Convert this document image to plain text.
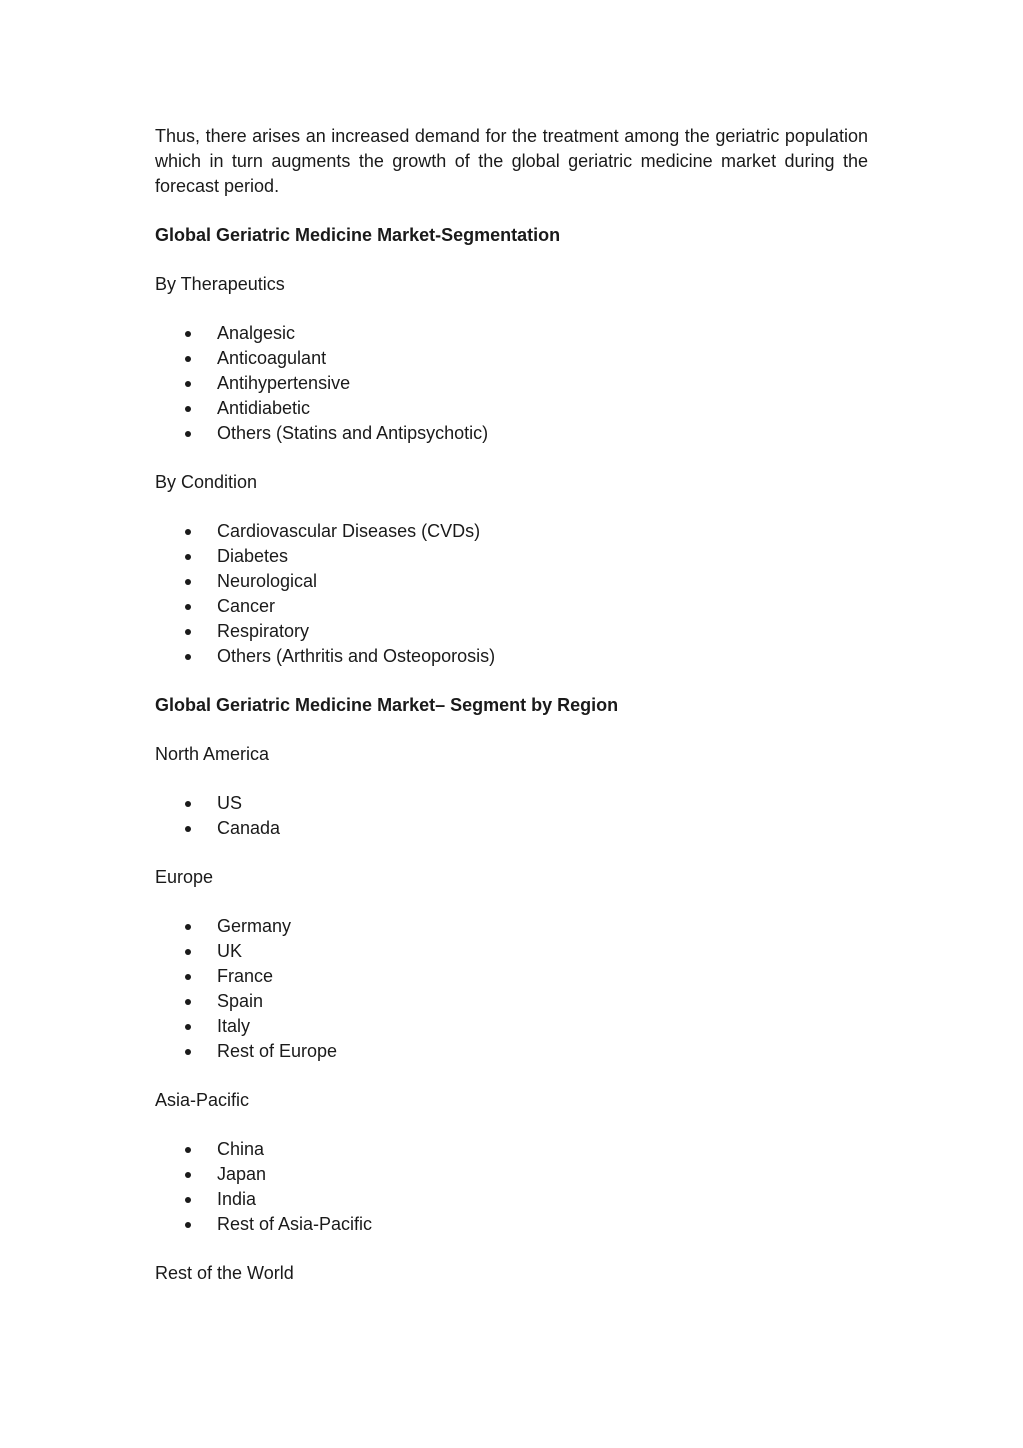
Thus, there arises an increased demand for the treatment among the geriatric population which in turn augments the growth of the global geriatric medicine market during the forecast period.

Global Geriatric Medicine Market-Segmentation

By Therapeutics

Analgesic
Anticoagulant
Antihypertensive
Antidiabetic
Others (Statins and Antipsychotic)

By Condition

Cardiovascular Diseases (CVDs)
Diabetes
Neurological
Cancer
Respiratory
Others (Arthritis and Osteoporosis)

Global Geriatric Medicine Market– Segment by Region

North America

US
Canada

Europe

Germany
UK
France
Spain
Italy
Rest of Europe

Asia-Pacific

China
Japan
India
Rest of Asia-Pacific

Rest of the World
